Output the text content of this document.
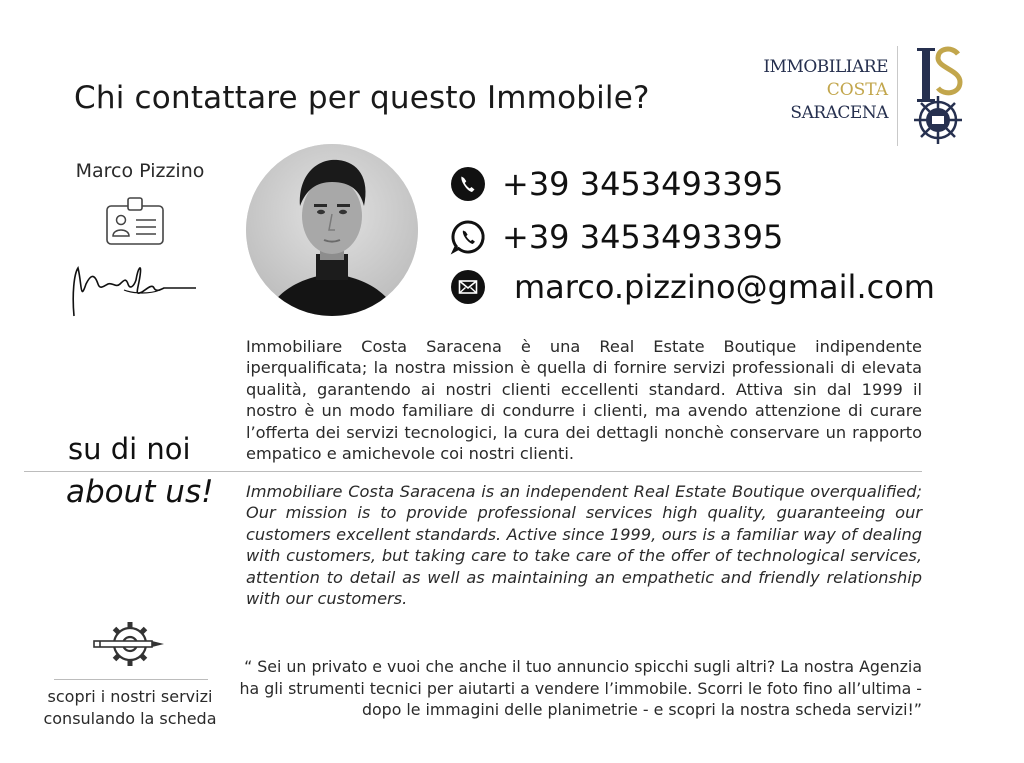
Chi contattare per questo Immobile?
IMMOBILIARE
COSTA
SARACENA
Marco Pizzino	+39 3453493395
+39 3453493395
marco.pizzino@gmail.com
Immobiliare Costa Saracena è una Real Estate Boutique indipendente iperqualificata; la nostra mission è quella di fornire servizi professionali di elevata qualità, garantendo ai nostri clienti eccellenti standard. Attiva sin dal 1999 il nostro è un modo familiare di condurre i clienti, ma avendo attenzione di curare l’offerta dei servizi tecnologici, la cura dei dettagli nonchè conservare un rapporto empatico e amichevole coi nostri clienti.
su di noi
about us! Immobiliare Costa Saracena is an independent Real Estate Boutique overqualified; Our mission is to provide professional services high quality, guaranteeing our customers excellent standards. Active since 1999, ours is a familiar way of dealing with customers, but taking care to take care of the offer of technological services, attention to detail as well as maintaining an empathetic and friendly relationship with our customers.
scopri i nostri servizi consulando la scheda
“ Sei un privato e vuoi che anche il tuo annuncio spicchi sugli altri? La nostra Agenzia ha gli strumenti tecnici per aiutarti a vendere l’immobile. Scorri le foto fino all’ultima - dopo le immagini delle planimetrie - e scopri la nostra scheda servizi!”
